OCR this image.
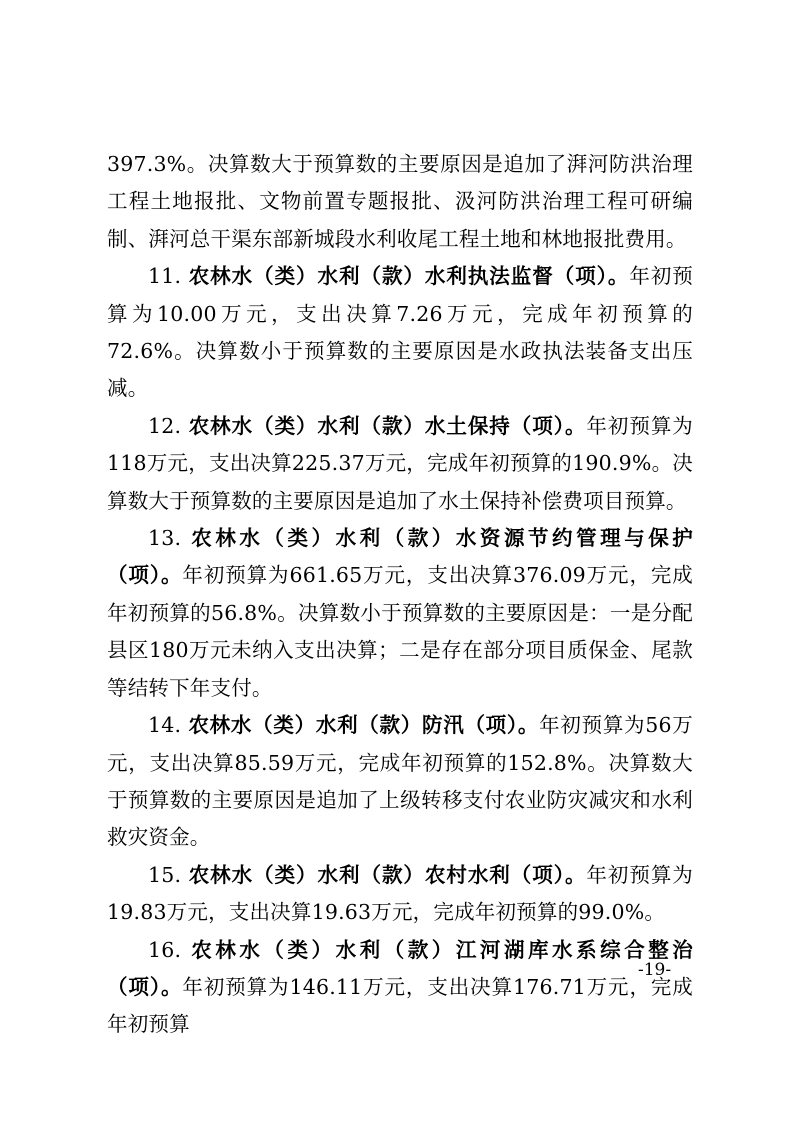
397.3%。决算数大于预算数的主要原因是追加了湃河防洪治理工程土地报批、文物前置专题报批、汲河防洪治理工程可研编制、湃河总干渠东部新城段水利收尾工程土地和林地报批费用。

11. 农林水（类）水利（款）水利执法监督（项）。年初预算为10.00万元，支出决算7.26万元，完成年初预算的72.6%。决算数小于预算数的主要原因是水政执法装备支出压减。

12. 农林水（类）水利（款）水土保持（项）。年初预算为118万元，支出决算225.37万元，完成年初预算的190.9%。决算数大于预算数的主要原因是追加了水土保持补偿费项目预算。

13. 农林水（类）水利（款）水资源节约管理与保护（项）。年初预算为661.65万元，支出决算376.09万元，完成年初预算的56.8%。决算数小于预算数的主要原因是：一是分配县区180万元未纳入支出决算；二是存在部分项目质保金、尾款等结转下年支付。

14. 农林水（类）水利（款）防汛（项）。年初预算为56万元，支出决算85.59万元，完成年初预算的152.8%。决算数大于预算数的主要原因是追加了上级转移支付农业防灾减灾和水利救灾资金。

15. 农林水（类）水利（款）农村水利（项）。年初预算为19.83万元，支出决算19.63万元，完成年初预算的99.0%。

16. 农林水（类）水利（款）江河湖库水系综合整治（项）。年初预算为146.11万元，支出决算176.71万元，完成年初预算

-19-
